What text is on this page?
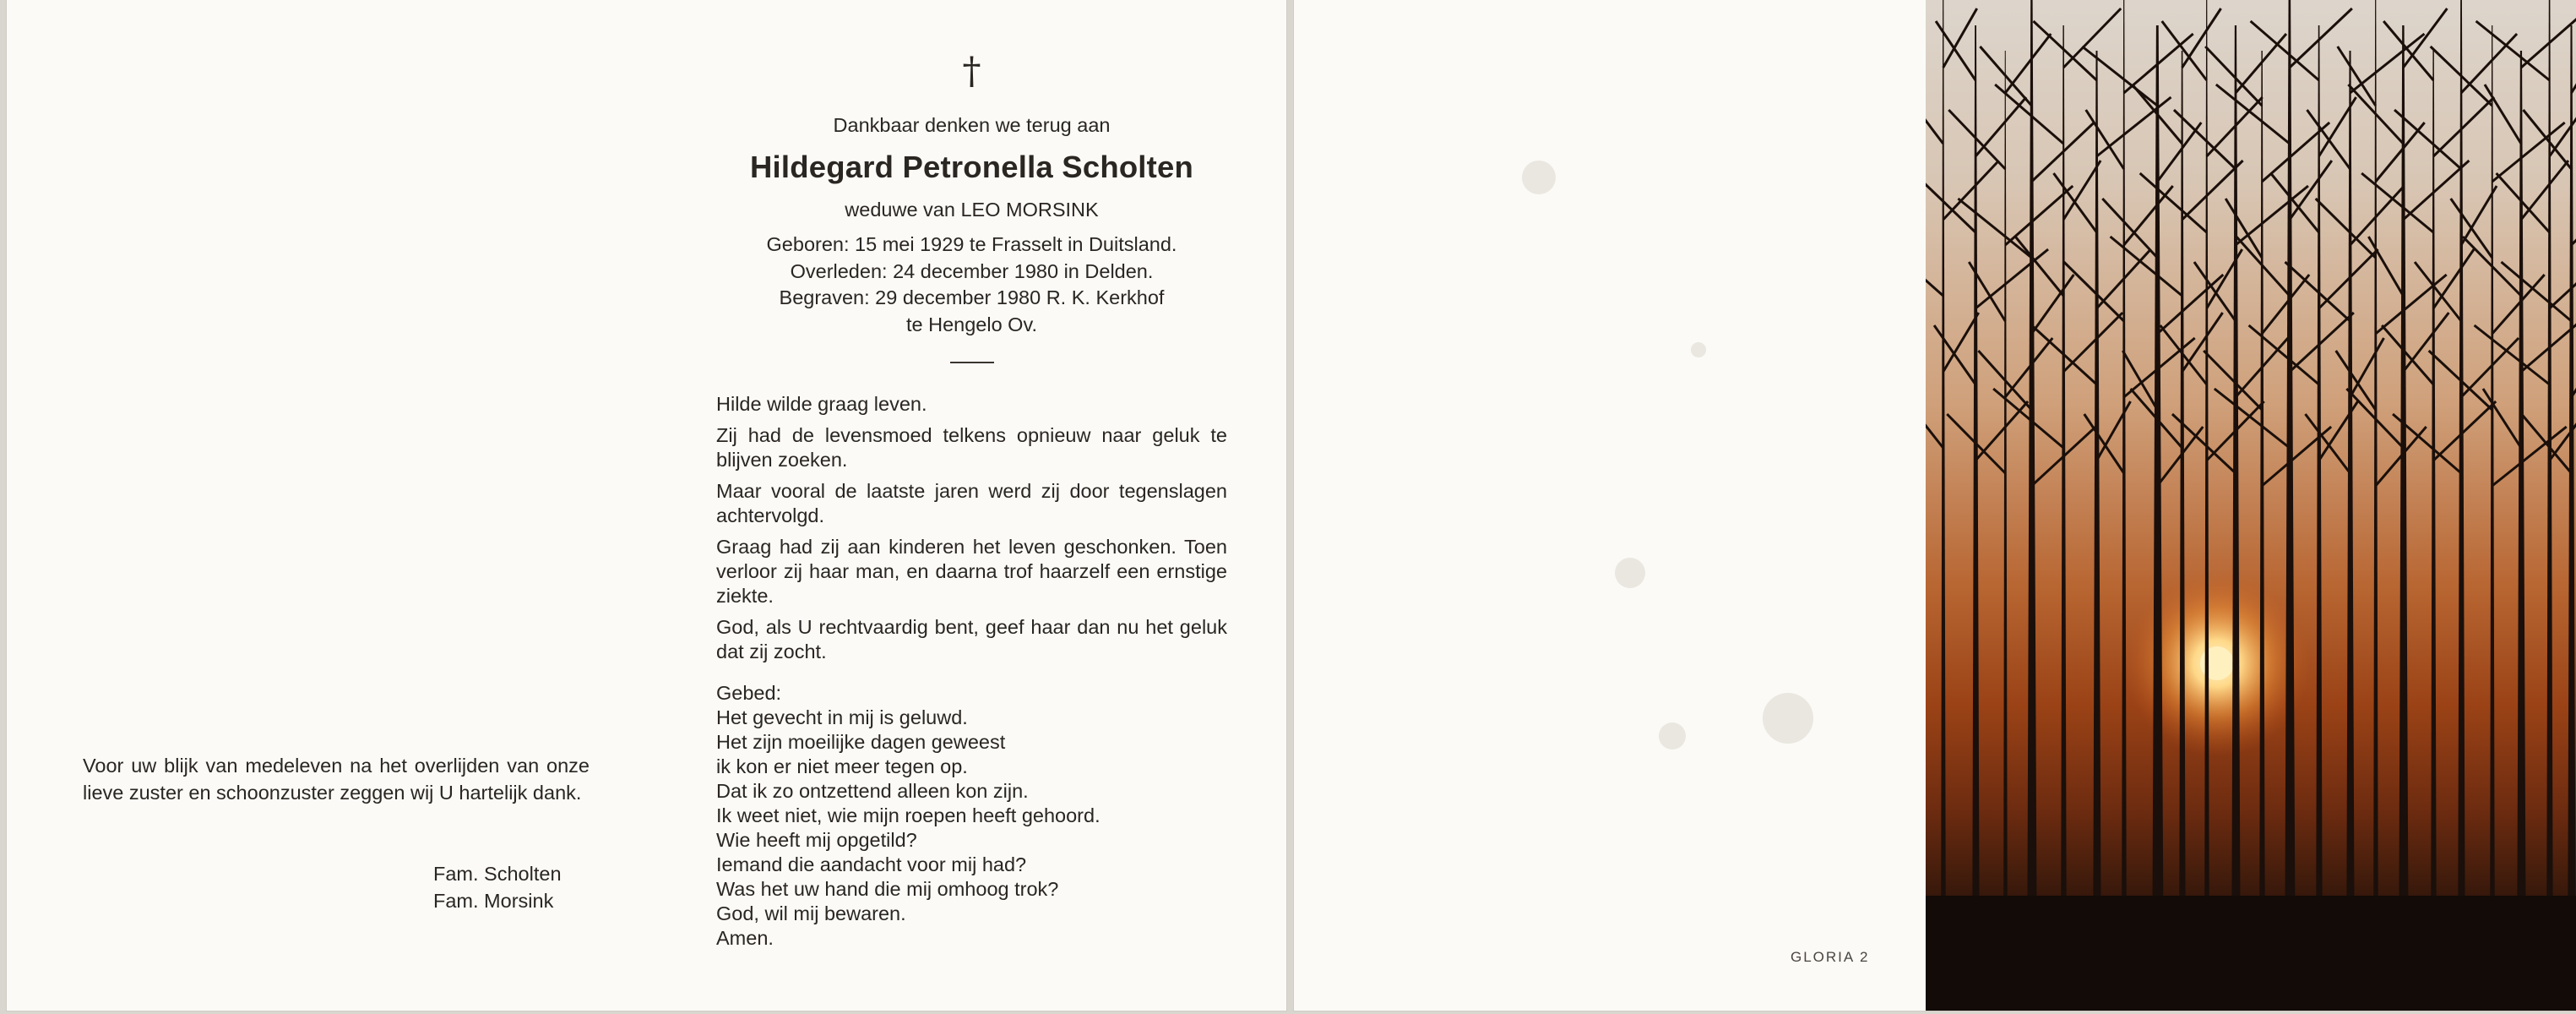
Voor uw blijk van medeleven na het overlijden van onze lieve zuster en schoonzuster zeggen wij U hartelijk dank.
Fam. Scholten
Fam. Morsink
†
Dankbaar denken we terug aan
Hildegard Petronella Scholten
weduwe van LEO MORSINK
Geboren: 15 mei 1929 te Frasselt in Duitsland.
Overleden: 24 december 1980 in Delden.
Begraven: 29 december 1980 R. K. Kerkhof
te Hengelo Ov.

Hilde wilde graag leven.

Zij had de levensmoed telkens opnieuw naar geluk te blijven zoeken.

Maar vooral de laatste jaren werd zij door tegenslagen achtervolgd.

Graag had zij aan kinderen het leven geschonken. Toen verloor zij haar man, en daarna trof haarzelf een ernstige ziekte.

God, als U rechtvaardig bent, geef haar dan nu het geluk dat zij zocht.

Gebed:
Het gevecht in mij is geluwd.
Het zijn moeilijke dagen geweest
ik kon er niet meer tegen op.
Dat ik zo ontzettend alleen kon zijn.
Ik weet niet, wie mijn roepen heeft gehoord.
Wie heeft mij opgetild?
Iemand die aandacht voor mij had?
Was het uw hand die mij omhoog trok?
God, wil mij bewaren.
Amen.
GLORIA 2
